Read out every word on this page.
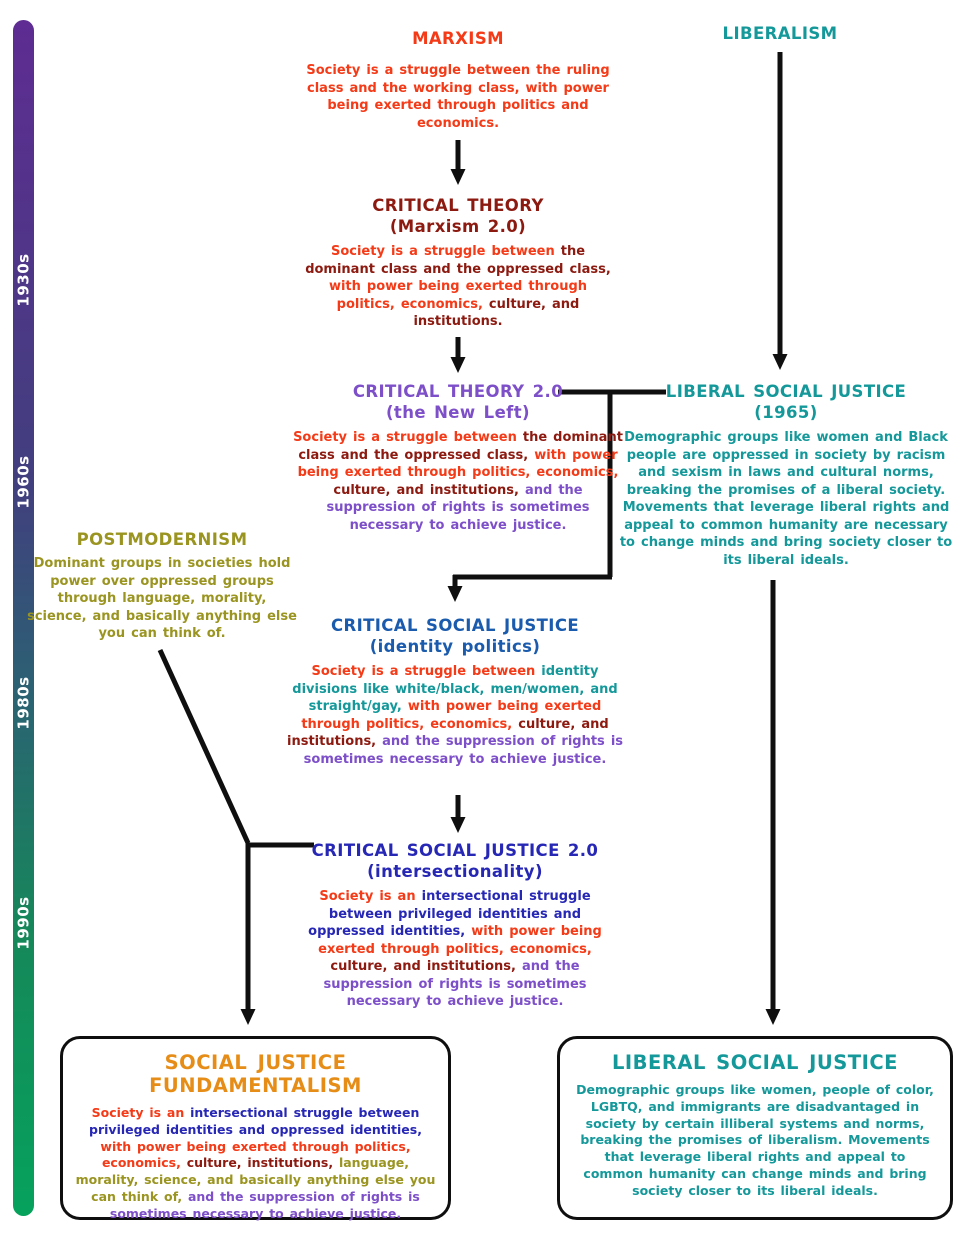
1930s
1960s
1980s
1990s
MARXISM
Society is a struggle between the ruling class and the working class, with power being exerted through politics and economics.
LIBERALISM
CRITICAL THEORY
(Marxism 2.0)
Society is a struggle between the dominant class and the oppressed class, with power being exerted through politics, economics, culture, and institutions.
CRITICAL THEORY 2.0
(the New Left)
Society is a struggle between the dominant class and the oppressed class, with power being exerted through politics, economics, culture, and institutions, and the suppression of rights is sometimes necessary to achieve justice.
LIBERAL SOCIAL JUSTICE
(1965)
Demographic groups like women and Black people are oppressed in society by racism and sexism in laws and cultural norms, breaking the promises of a liberal society. Movements that leverage liberal rights and appeal to common humanity are necessary to change minds and bring society closer to its liberal ideals.
POSTMODERNISM
Dominant groups in societies hold power over oppressed groups through language, morality, science, and basically anything else you can think of.	CRITICAL SOCIAL JUSTICE
(identity politics)
Society is a struggle between identity divisions like white/black, men/women, and straight/gay, with power being exerted through politics, economics, culture, and institutions, and the suppression of rights is sometimes necessary to achieve justice.
CRITICAL SOCIAL JUSTICE 2.0
(intersectionality)
Society is an intersectional struggle between privileged identities and oppressed identities, with power being exerted through politics, economics, culture, and institutions, and the suppression of rights is sometimes necessary to achieve justice.
SOCIAL JUSTICE FUNDAMENTALISM
Society is an intersectional struggle between privileged identities and oppressed identities, with power being exerted through politics, economics, culture, institutions, language, morality, science, and basically anything else you can think of, and the suppression of rights is sometimes necessary to achieve justice.
LIBERAL SOCIAL JUSTICE
Demographic groups like women, people of color, LGBTQ, and immigrants are disadvantaged in society by certain illiberal systems and norms, breaking the promises of liberalism. Movements that leverage liberal rights and appeal to common humanity can change minds and bring society closer to its liberal ideals.
